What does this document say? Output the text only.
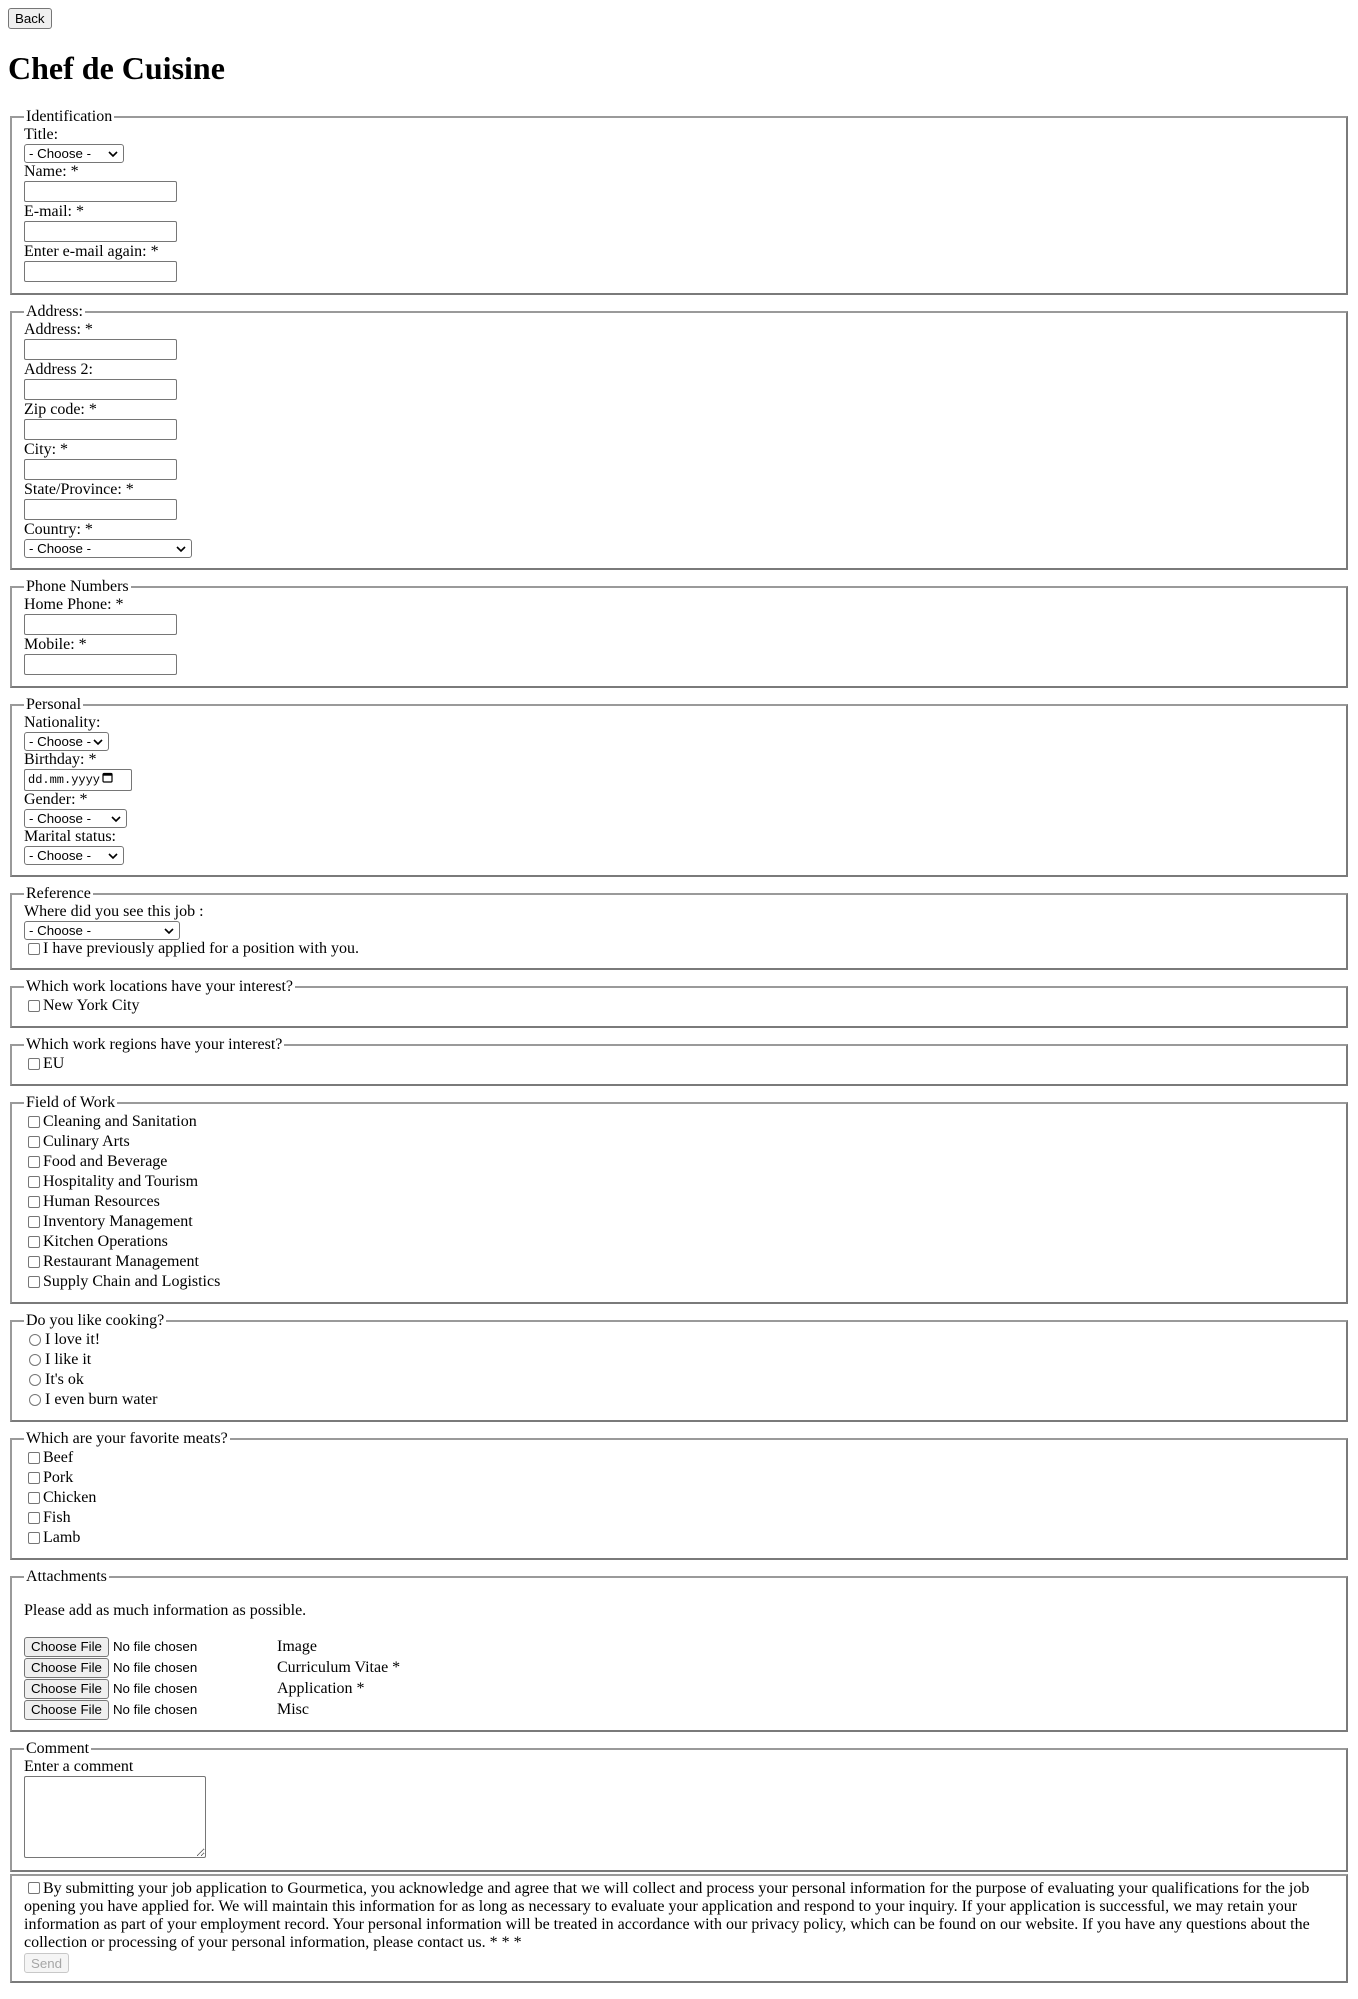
Back
Chef de Cuisine
Identification
Title:
- Choose -
Name: *
E-mail: *
Enter e-mail again: *
Address:
Address: *
Address 2:
Zip code: *
City: *
State/Province: *
Country: *
- Choose -
Phone Numbers
Home Phone: *
Mobile: *
Personal
Nationality:
- Choose -
Birthday: *
dd.mm.yyyy
Gender: *
- Choose -
Marital status:
- Choose -
Reference
Where did you see this job :
- Choose -
I have previously applied for a position with you.
Which work locations have your interest?
New York City
Which work regions have your interest?
EU
Field of Work
Cleaning and Sanitation
Culinary Arts
Food and Beverage
Hospitality and Tourism
Human Resources
Inventory Management
Kitchen Operations
Restaurant Management
Supply Chain and Logistics
Do you like cooking?
I love it!
I like it
It's ok
I even burn water
Which are your favorite meats?
Beef
Pork
Chicken
Fish
Lamb
Attachments

Please add as much information as possible.

Choose File No file chosen	Image
Choose File No file chosen	Curriculum Vitae *
Choose File No file chosen	Application *
Choose File No file chosen	Misc
Comment
Enter a comment
By submitting your job application to Gourmetica, you acknowledge and agree that we will collect and process your personal information for the purpose of evaluating your qualifications for the job opening you have applied for. We will maintain this information for as long as necessary to evaluate your application and respond to your inquiry. If your application is successful, we may retain your information as part of your employment record. Your personal information will be treated in accordance with our privacy policy, which can be found on our website. If you have any questions about the collection or processing of your personal information, please contact us. * * *
Send
